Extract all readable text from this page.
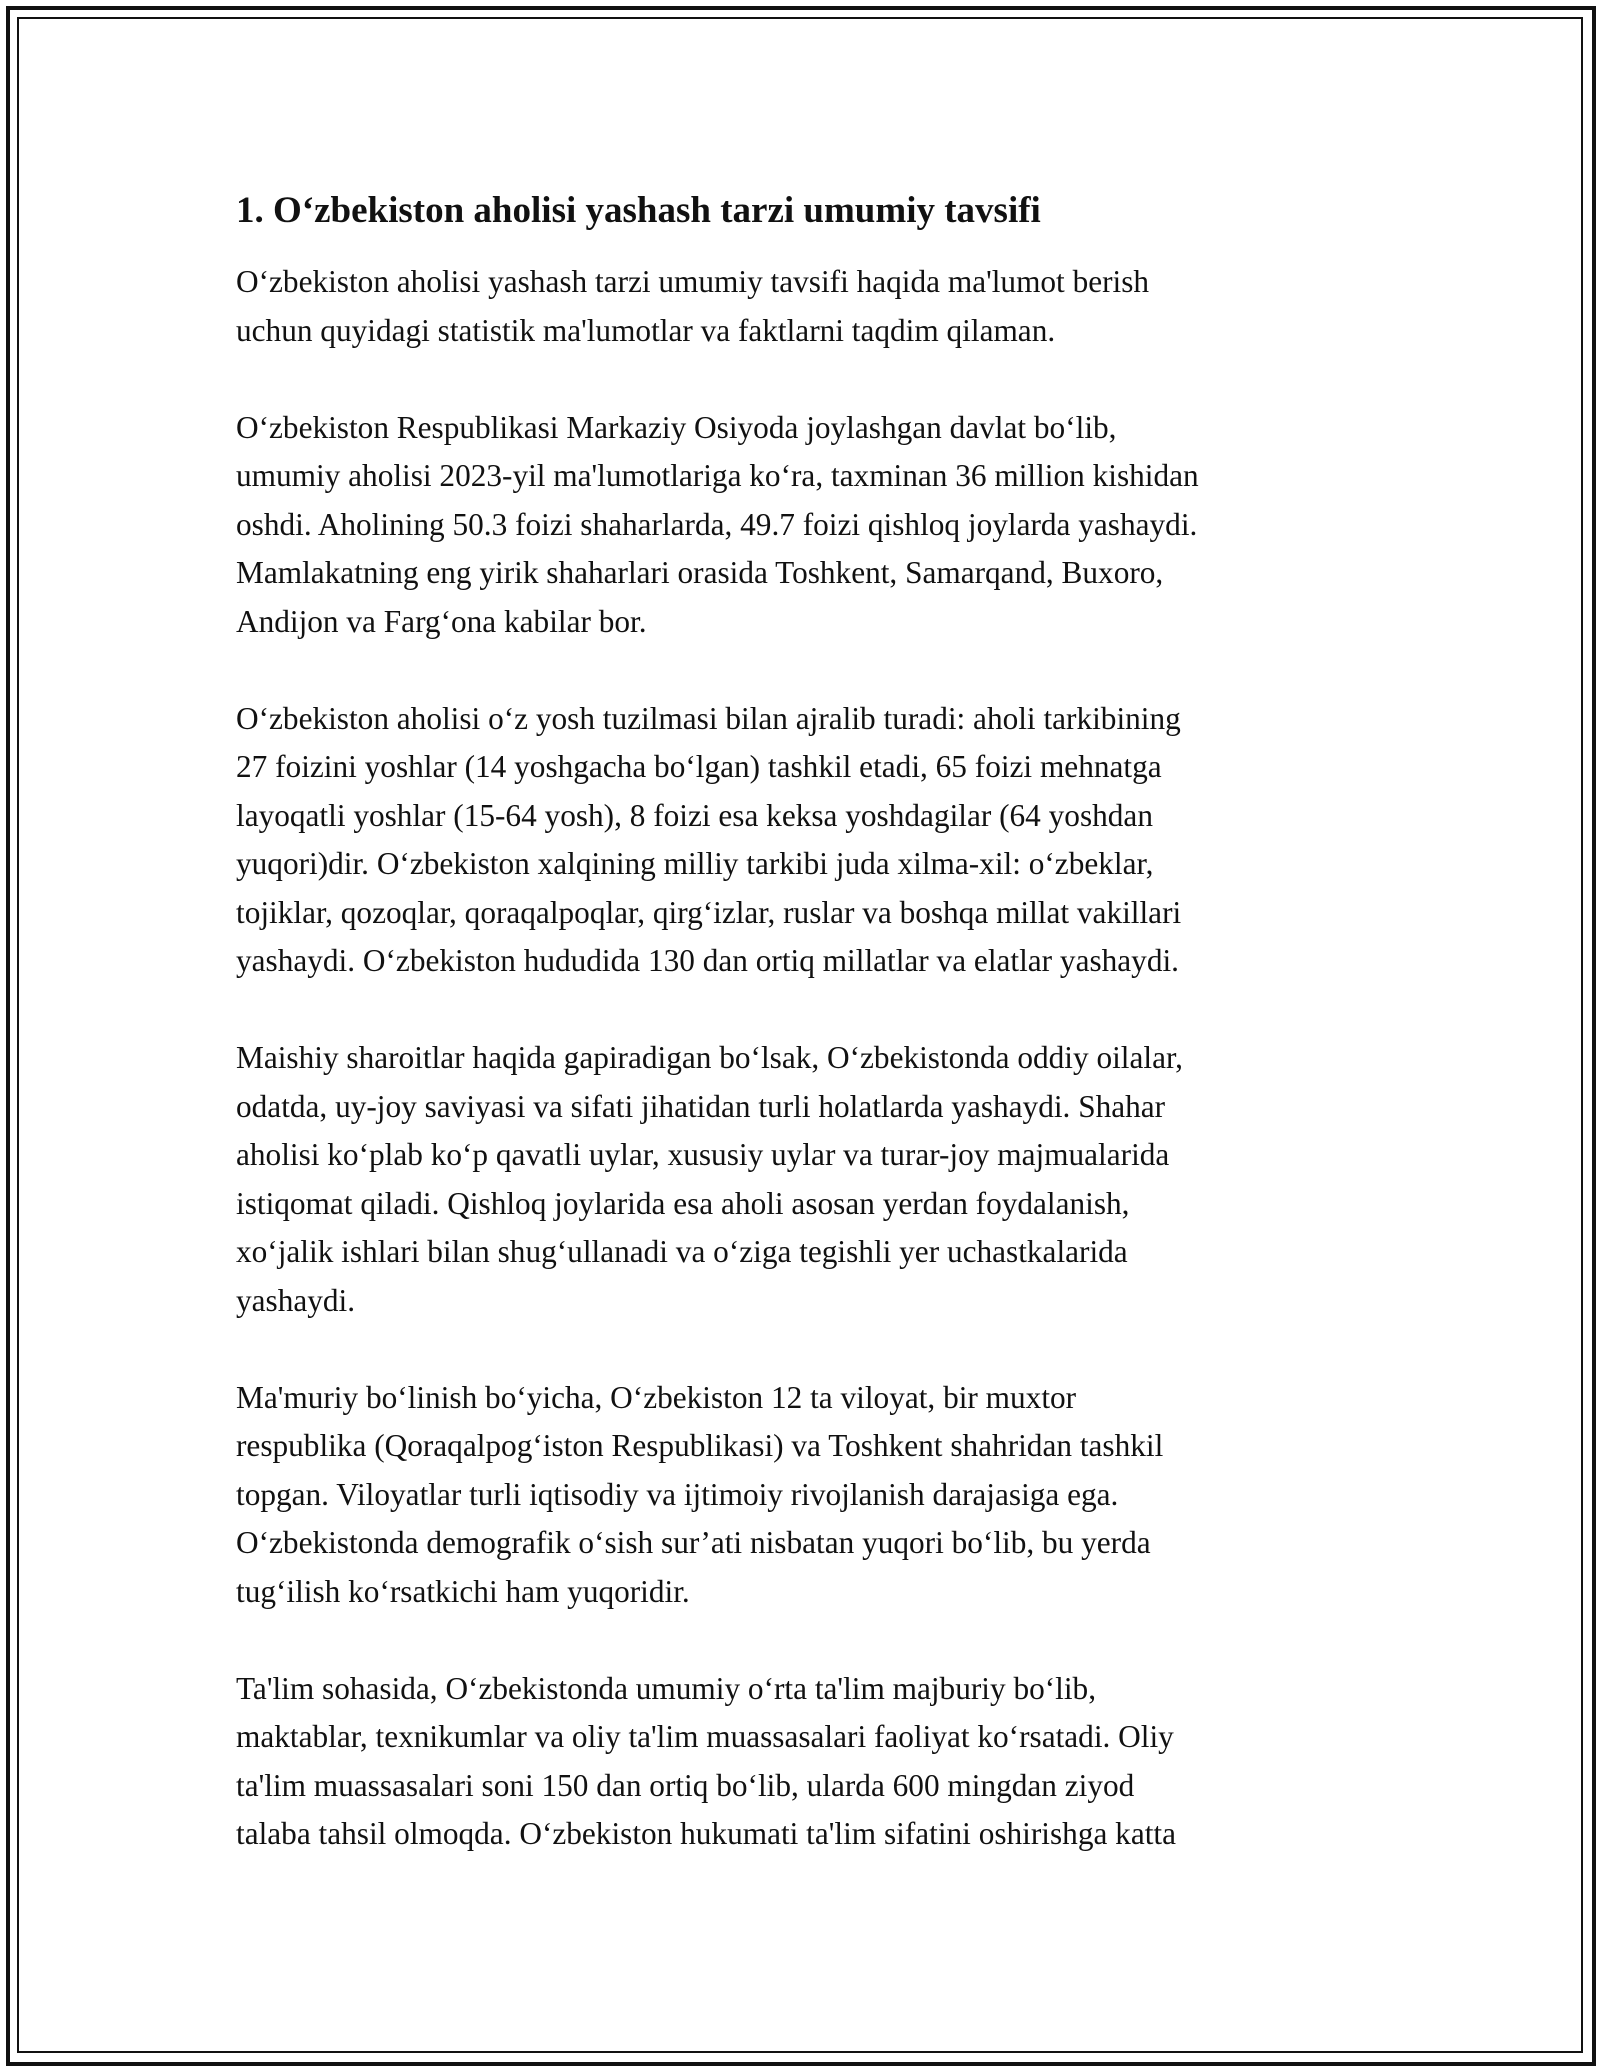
1. O‘zbekiston aholisi yashash tarzi umumiy tavsifi

O‘zbekiston aholisi yashash tarzi umumiy tavsifi haqida ma'lumot berish
uchun quyidagi statistik ma'lumotlar va faktlarni taqdim qilaman.

O‘zbekiston Respublikasi Markaziy Osiyoda joylashgan davlat bo‘lib,
umumiy aholisi 2023-yil ma'lumotlariga ko‘ra, taxminan 36 million kishidan
oshdi. Aholining 50.3 foizi shaharlarda, 49.7 foizi qishloq joylarda yashaydi.
Mamlakatning eng yirik shaharlari orasida Toshkent, Samarqand, Buxoro,
Andijon va Farg‘ona kabilar bor.

O‘zbekiston aholisi o‘z yosh tuzilmasi bilan ajralib turadi: aholi tarkibining
27 foizini yoshlar (14 yoshgacha bo‘lgan) tashkil etadi, 65 foizi mehnatga
layoqatli yoshlar (15-64 yosh), 8 foizi esa keksa yoshdagilar (64 yoshdan
yuqori)dir. O‘zbekiston xalqining milliy tarkibi juda xilma-xil: o‘zbeklar,
tojiklar, qozoqlar, qoraqalpoqlar, qirg‘izlar, ruslar va boshqa millat vakillari
yashaydi. O‘zbekiston hududida 130 dan ortiq millatlar va elatlar yashaydi.

Maishiy sharoitlar haqida gapiradigan bo‘lsak, O‘zbekistonda oddiy oilalar,
odatda, uy-joy saviyasi va sifati jihatidan turli holatlarda yashaydi. Shahar
aholisi ko‘plab ko‘p qavatli uylar, xususiy uylar va turar-joy majmualarida
istiqomat qiladi. Qishloq joylarida esa aholi asosan yerdan foydalanish,
xo‘jalik ishlari bilan shug‘ullanadi va o‘ziga tegishli yer uchastkalarida
yashaydi.

Ma'muriy bo‘linish bo‘yicha, O‘zbekiston 12 ta viloyat, bir muxtor
respublika (Qoraqalpog‘iston Respublikasi) va Toshkent shahridan tashkil
topgan. Viloyatlar turli iqtisodiy va ijtimoiy rivojlanish darajasiga ega.
O‘zbekistonda demografik o‘sish sur’ati nisbatan yuqori bo‘lib, bu yerda
tug‘ilish ko‘rsatkichi ham yuqoridir.

Ta'lim sohasida, O‘zbekistonda umumiy o‘rta ta'lim majburiy bo‘lib,
maktablar, texnikumlar va oliy ta'lim muassasalari faoliyat ko‘rsatadi. Oliy
ta'lim muassasalari soni 150 dan ortiq bo‘lib, ularda 600 mingdan ziyod
talaba tahsil olmoqda. O‘zbekiston hukumati ta'lim sifatini oshirishga katta
